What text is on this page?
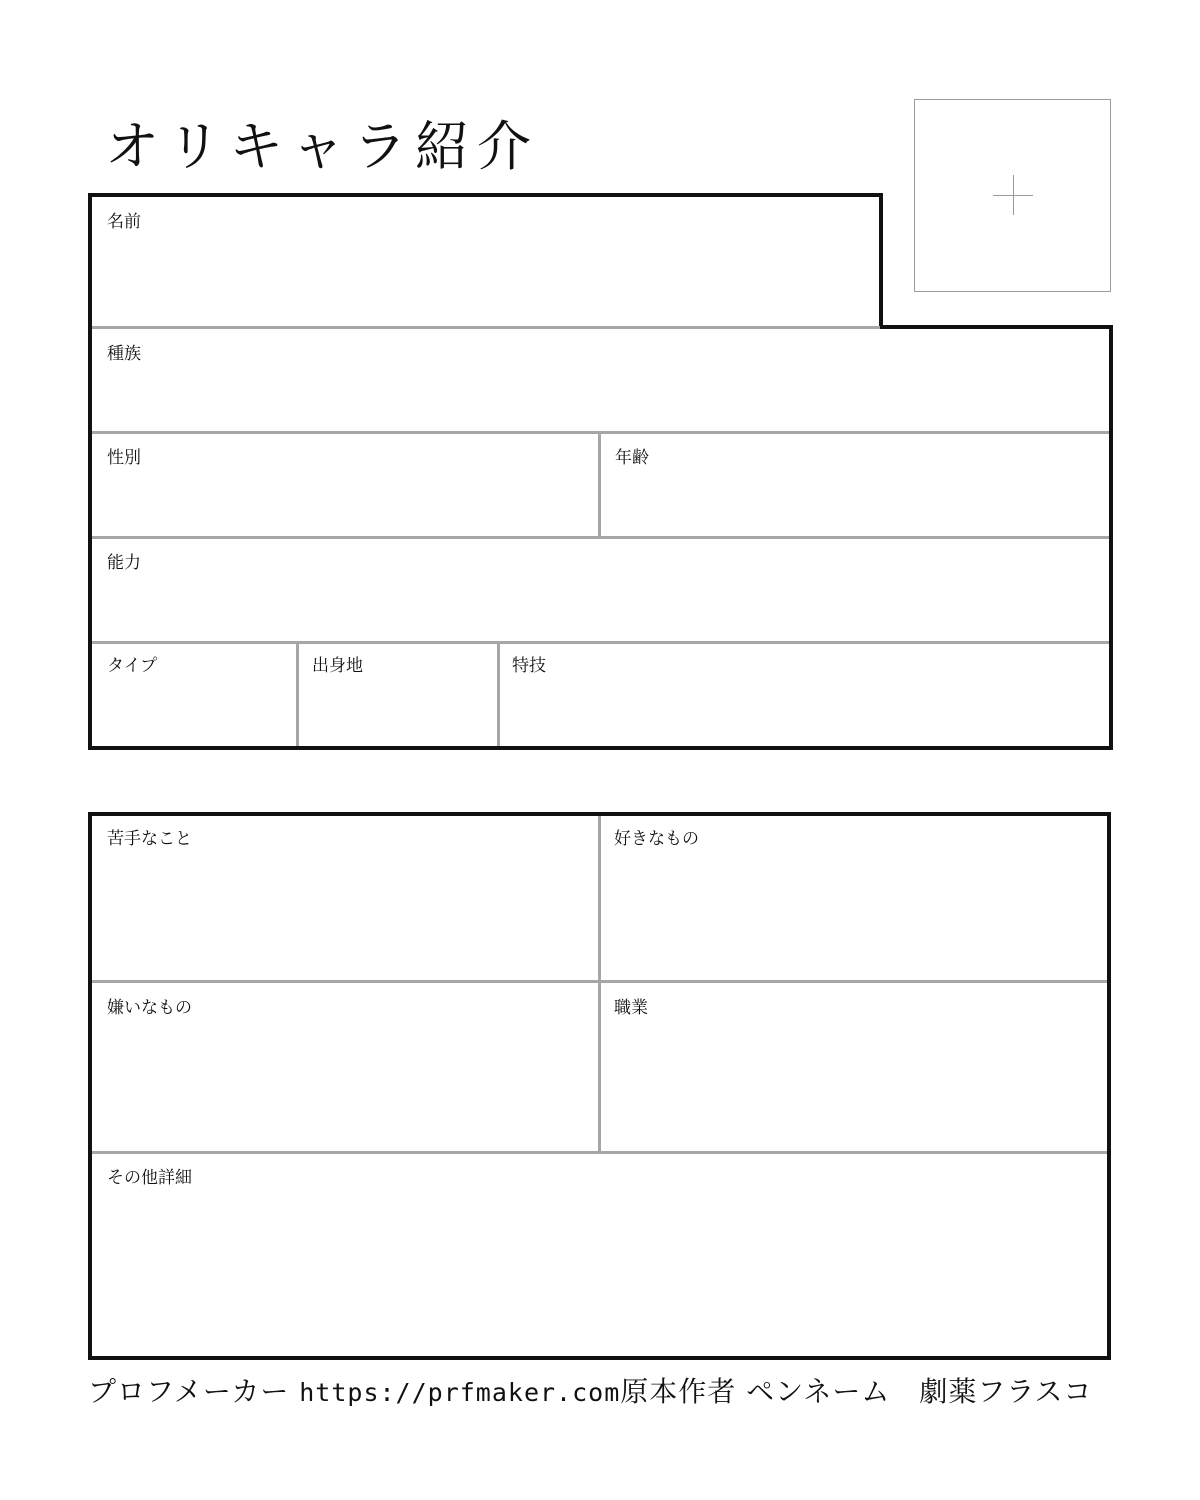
オリキャラ紹介
名前
種族
性別	年齢
能力
タイプ	出身地	特技
苦手なこと	好きなもの
嫌いなもの	職業
その他詳細
プロフメーカー https://prfmaker.com原本作者 ペンネーム　劇薬フラスコ
